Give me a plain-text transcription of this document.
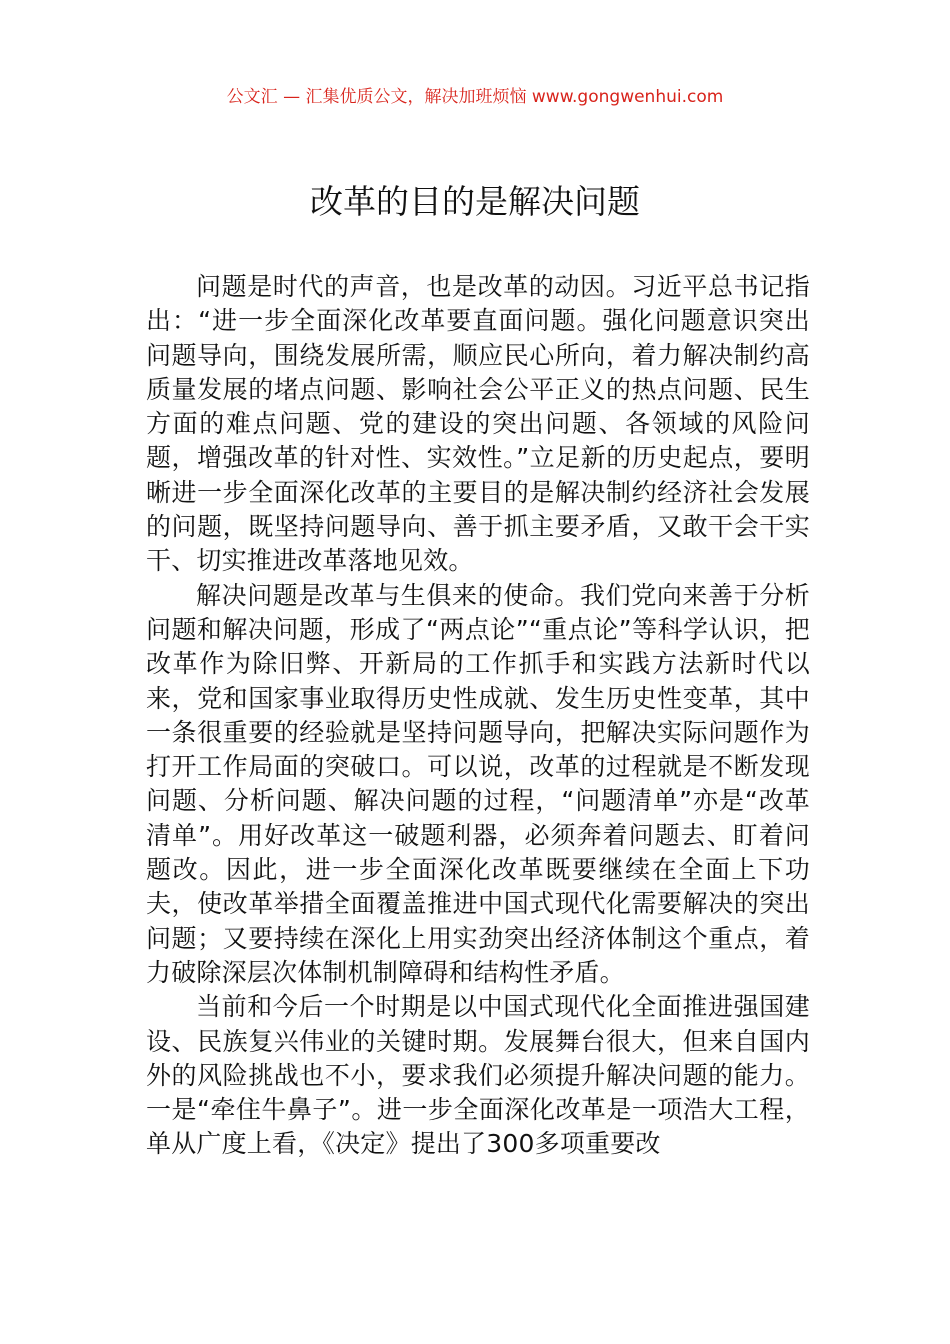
公文汇 — 汇集优质公文，解决加班烦恼 www.gongwenhui.com
改革的目的是解决问题

问题是时代的声音，也是改革的动因。习近平总书记指出：“进一步全面深化改革要直面问题。强化问题意识突出问题导向，围绕发展所需，顺应民心所向，着力解决制约高质量发展的堵点问题、影响社会公平正义的热点问题、民生方面的难点问题、党的建设的突出问题、各领域的风险问题，增强改革的针对性、实效性。”立足新的历史起点，要明晰进一步全面深化改革的主要目的是解决制约经济社会发展的问题，既坚持问题导向、善于抓主要矛盾，又敢干会干实干、切实推进改革落地见效。

解决问题是改革与生俱来的使命。我们党向来善于分析问题和解决问题，形成了“两点论”“重点论”等科学认识，把改革作为除旧弊、开新局的工作抓手和实践方法新时代以来，党和国家事业取得历史性成就、发生历史性变革，其中一条很重要的经验就是坚持问题导向，把解决实际问题作为打开工作局面的突破口。可以说，改革的过程就是不断发现问题、分析问题、解决问题的过程，“问题清单”亦是“改革清单”。用好改革这一破题利器，必须奔着问题去、盯着问题改。因此，进一步全面深化改革既要继续在全面上下功夫，使改革举措全面覆盖推进中国式现代化需要解决的突出问题；又要持续在深化上用实劲突出经济体制这个重点，着力破除深层次体制机制障碍和结构性矛盾。

当前和今后一个时期是以中国式现代化全面推进强国建设、民族复兴伟业的关键时期。发展舞台很大，但来自国内外的风险挑战也不小，要求我们必须提升解决问题的能力。一是“牵住牛鼻子”。进一步全面深化改革是一项浩大工程，单从广度上看，《决定》提出了300多项重要改
